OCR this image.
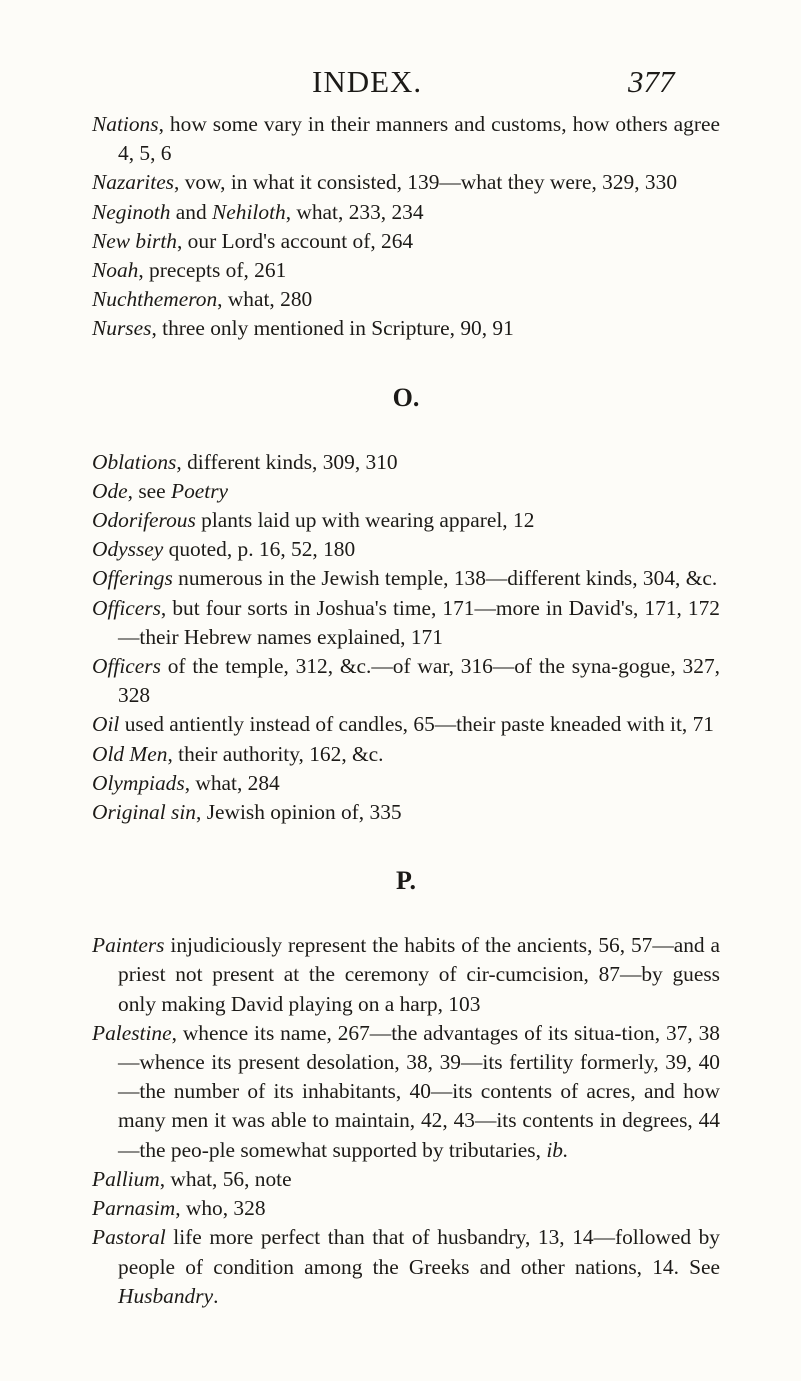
INDEX.	377
Nations, how some vary in their manners and customs, how others agree 4, 5, 6
Nazarites, vow, in what it consisted, 139—what they were, 329, 330
Neginoth and Nehiloth, what, 233, 234
New birth, our Lord's account of, 264
Noah, precepts of, 261
Nuchthemeron, what, 280
Nurses, three only mentioned in Scripture, 90, 91
O.
Oblations, different kinds, 309, 310
Ode, see Poetry
Odoriferous plants laid up with wearing apparel, 12
Odyssey quoted, p. 16, 52, 180
Offerings numerous in the Jewish temple, 138—different kinds, 304, &c.
Officers, but four sorts in Joshua's time, 171—more in David's, 171, 172—their Hebrew names explained, 171
Officers of the temple, 312, &c.—of war, 316—of the syna-gogue, 327, 328
Oil used antiently instead of candles, 65—their paste kneaded with it, 71
Old Men, their authority, 162, &c.
Olympiads, what, 284
Original sin, Jewish opinion of, 335
P.
Painters injudiciously represent the habits of the ancients, 56, 57—and a priest not present at the ceremony of cir-cumcision, 87—by guess only making David playing on a harp, 103
Palestine, whence its name, 267—the advantages of its situa-tion, 37, 38—whence its present desolation, 38, 39—its fertility formerly, 39, 40—the number of its inhabitants, 40—its contents of acres, and how many men it was able to maintain, 42, 43—its contents in degrees, 44—the peo-ple somewhat supported by tributaries, ib.
Pallium, what, 56, note
Parnasim, who, 328
Pastoral life more perfect than that of husbandry, 13, 14—followed by people of condition among the Greeks and other nations, 14. See Husbandry.
